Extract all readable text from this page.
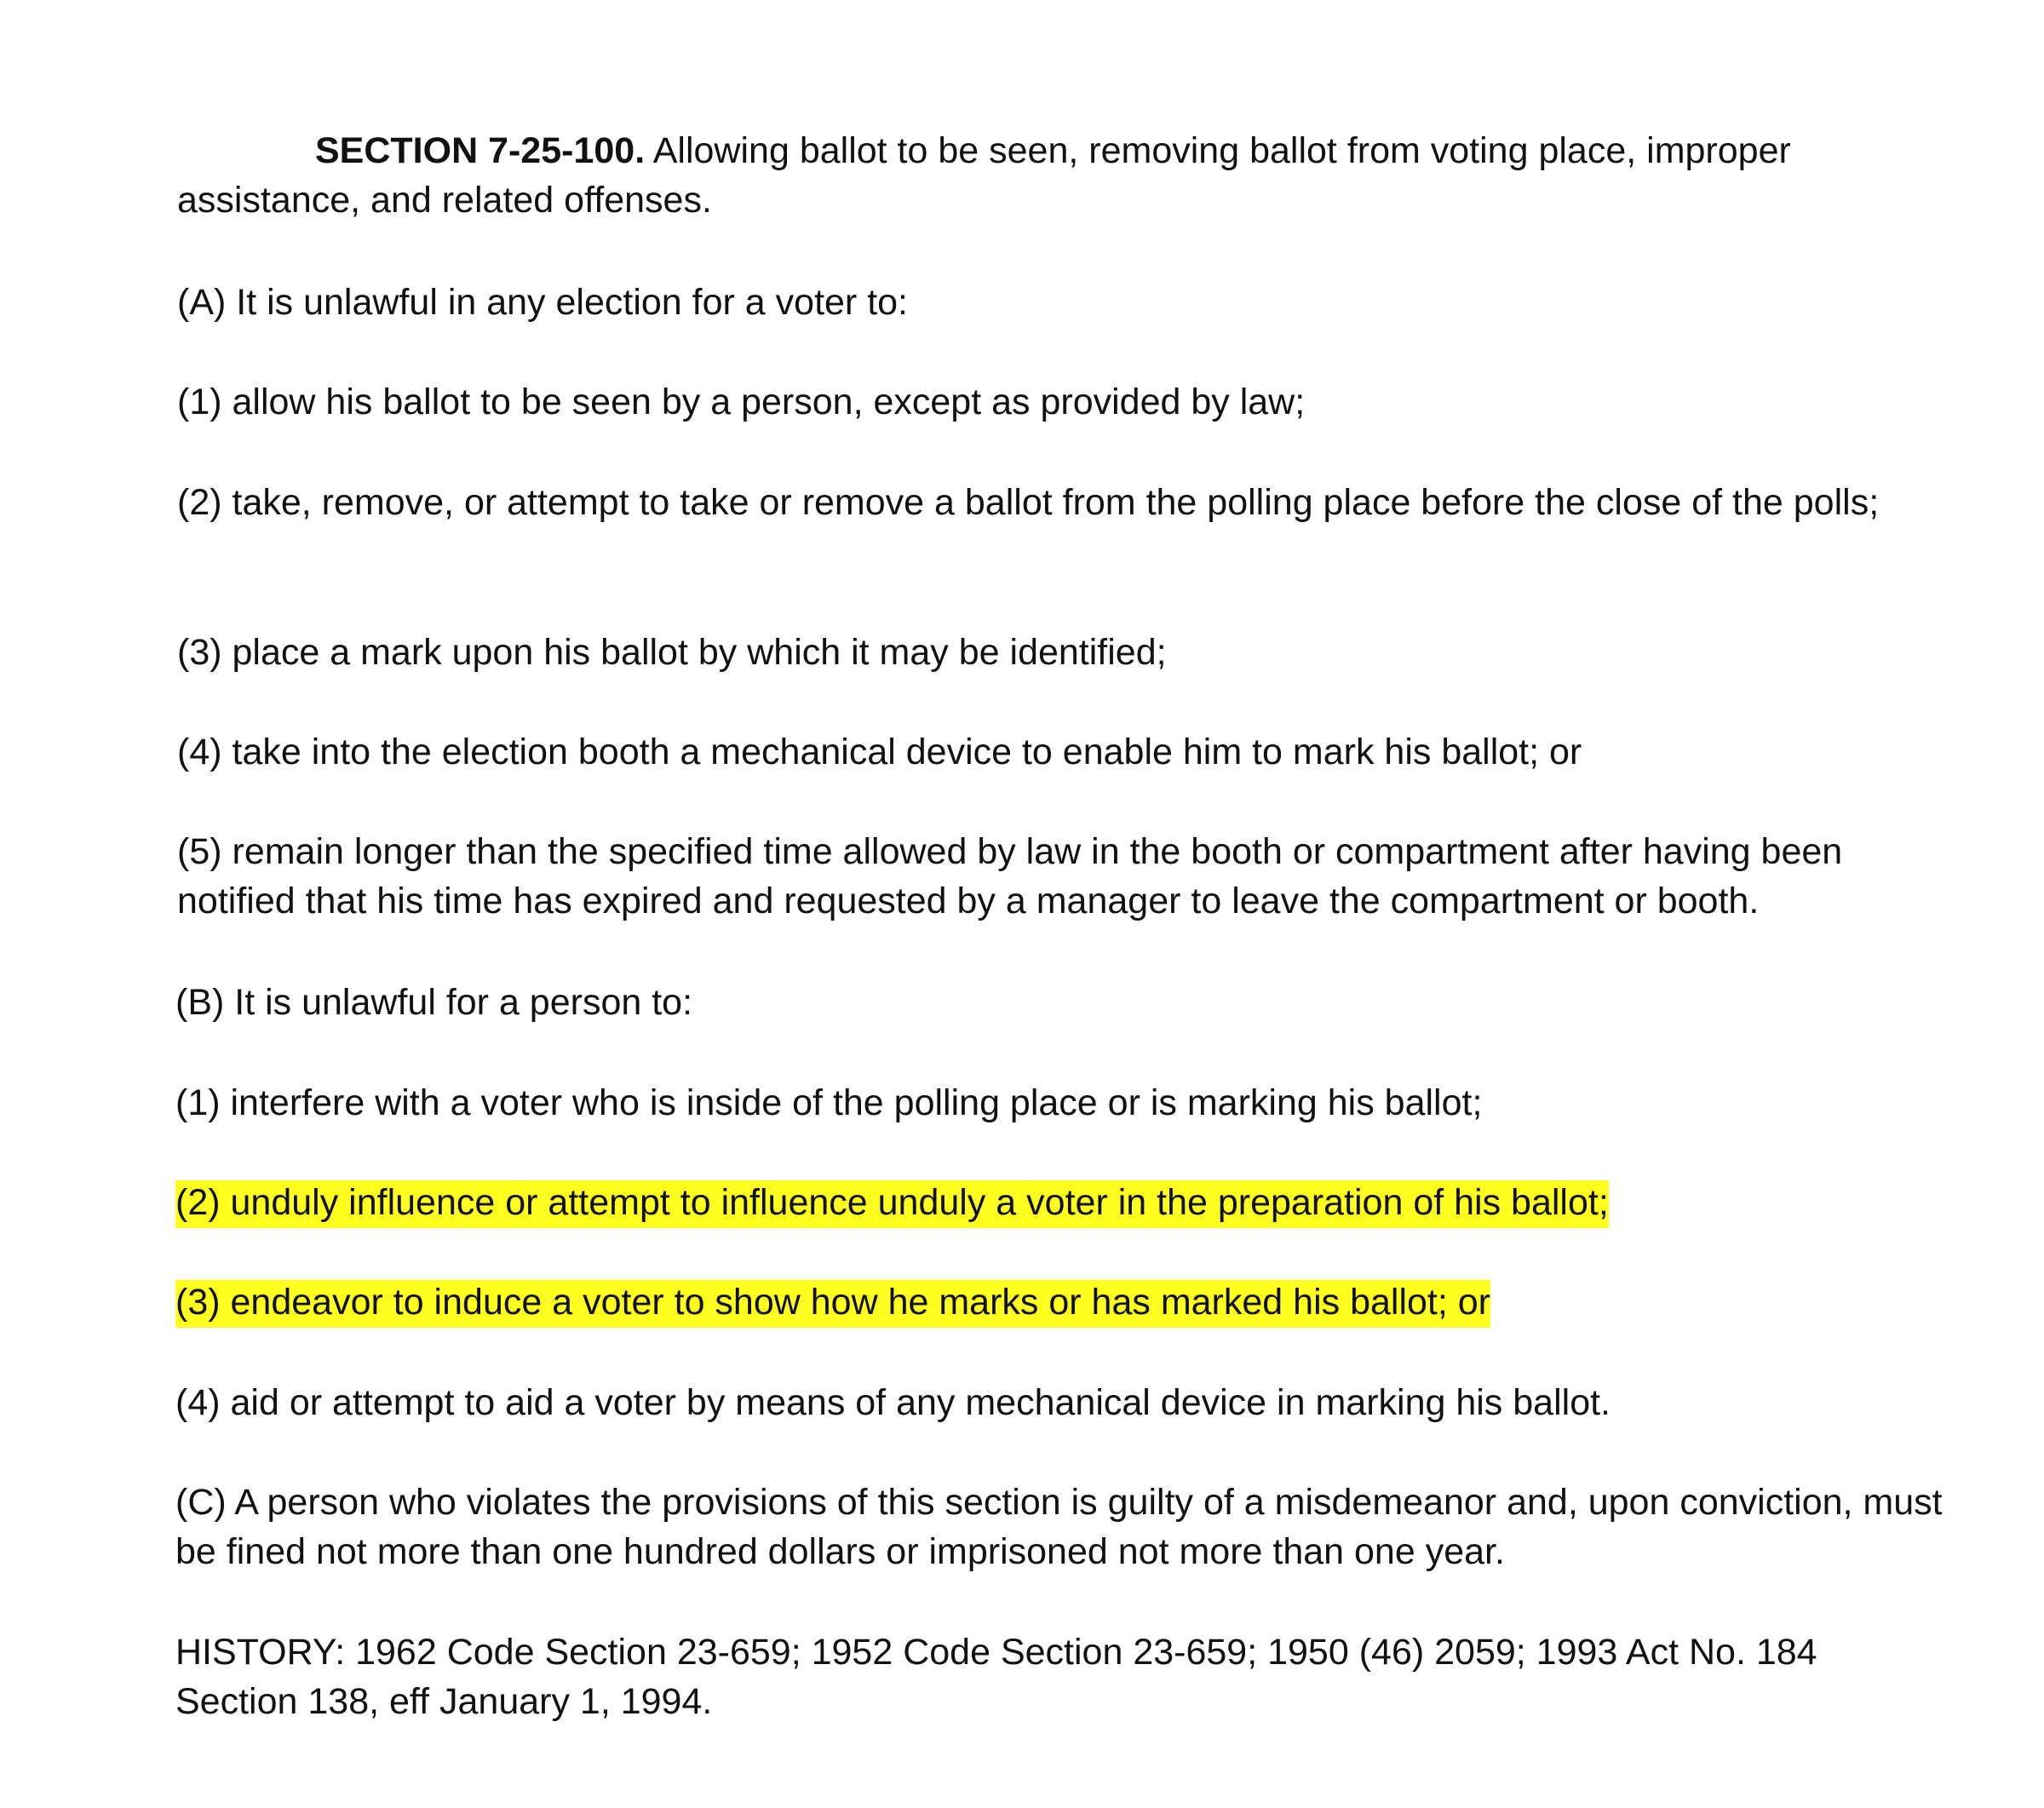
SECTION 7-25-100. Allowing ballot to be seen, removing ballot from voting place, improper assistance, and related offenses.

(A) It is unlawful in any election for a voter to:

(1) allow his ballot to be seen by a person, except as provided by law;

(2) take, remove, or attempt to take or remove a ballot from the polling place before the close of the polls;

(3) place a mark upon his ballot by which it may be identified;

(4) take into the election booth a mechanical device to enable him to mark his ballot; or

(5) remain longer than the specified time allowed by law in the booth or compartment after having been notified that his time has expired and requested by a manager to leave the compartment or booth.

(B) It is unlawful for a person to:

(1) interfere with a voter who is inside of the polling place or is marking his ballot;

(2) unduly influence or attempt to influence unduly a voter in the preparation of his ballot;

(3) endeavor to induce a voter to show how he marks or has marked his ballot; or

(4) aid or attempt to aid a voter by means of any mechanical device in marking his ballot.

(C) A person who violates the provisions of this section is guilty of a misdemeanor and, upon conviction, must be fined not more than one hundred dollars or imprisoned not more than one year.

HISTORY: 1962 Code Section 23-659; 1952 Code Section 23-659; 1950 (46) 2059; 1993 Act No. 184 Section 138, eff January 1, 1994.
